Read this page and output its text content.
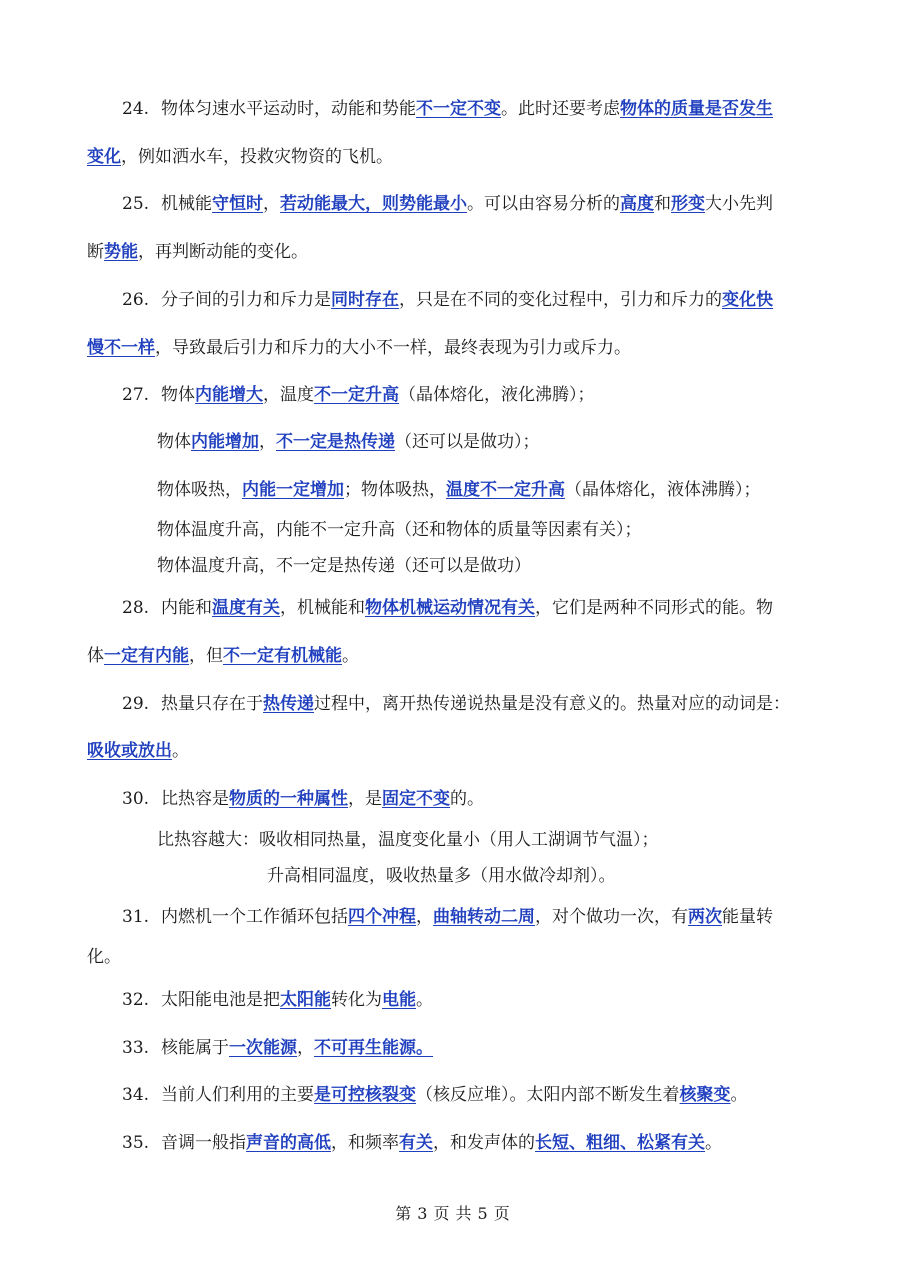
24. 物体匀速水平运动时，动能和势能不一定不变。此时还要考虑物体的质量是否发生
变化，例如洒水车，投救灾物资的飞机。
25. 机械能守恒时，若动能最大，则势能最小。可以由容易分析的高度和形变大小先判
断势能，再判断动能的变化。
26. 分子间的引力和斥力是同时存在，只是在不同的变化过程中，引力和斥力的变化快
慢不一样，导致最后引力和斥力的大小不一样，最终表现为引力或斥力。
27. 物体内能增大，温度不一定升高（晶体熔化，液化沸腾）；
物体内能增加，不一定是热传递（还可以是做功）；
物体吸热，内能一定增加；物体吸热，温度不一定升高（晶体熔化，液体沸腾）；
物体温度升高，内能不一定升高（还和物体的质量等因素有关）；
物体温度升高，不一定是热传递（还可以是做功）
28. 内能和温度有关，机械能和物体机械运动情况有关，它们是两种不同形式的能。物
体一定有内能，但不一定有机械能。
29. 热量只存在于热传递过程中，离开热传递说热量是没有意义的。热量对应的动词是：
吸收或放出。
30. 比热容是物质的一种属性，是固定不变的。
比热容越大：吸收相同热量，温度变化量小（用人工湖调节气温）；
升高相同温度，吸收热量多（用水做冷却剂）。
31. 内燃机一个工作循环包括四个冲程，曲轴转动二周，对个做功一次，有两次能量转
化。
32. 太阳能电池是把太阳能转化为电能。
33. 核能属于一次能源，不可再生能源。
34. 当前人们利用的主要是可控核裂变（核反应堆）。太阳内部不断发生着核聚变。
35. 音调一般指声音的高低，和频率有关，和发声体的长短、粗细、松紧有关。
第 3 页 共 5 页
